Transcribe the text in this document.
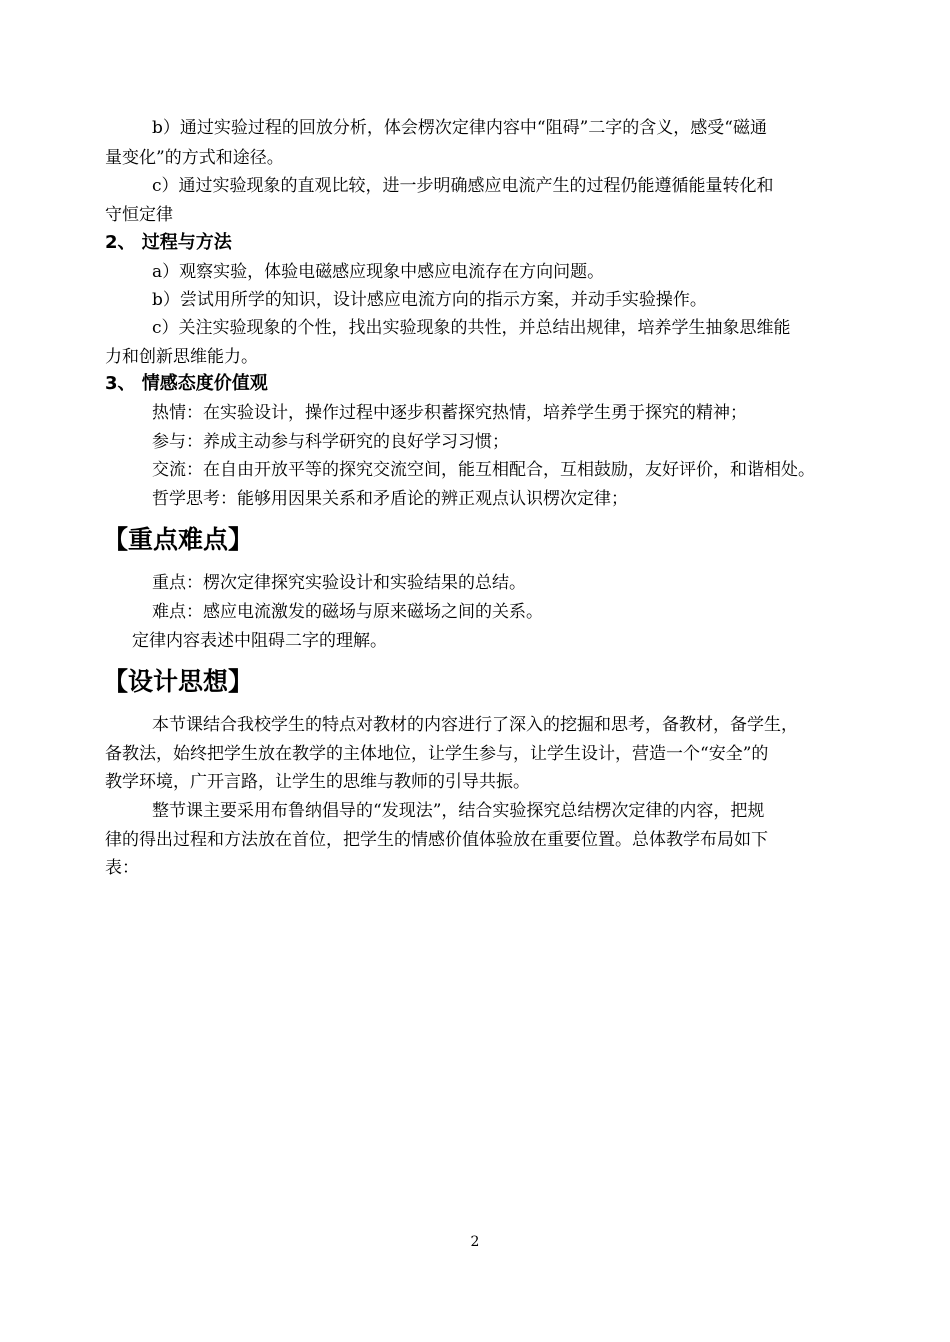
b）通过实验过程的回放分析，体会楞次定律内容中“阻碍”二字的含义，感受“磁通
量变化”的方式和途径。
c）通过实验现象的直观比较，进一步明确感应电流产生的过程仍能遵循能量转化和
守恒定律
2、 过程与方法
a）观察实验，体验电磁感应现象中感应电流存在方向问题。
b）尝试用所学的知识，设计感应电流方向的指示方案，并动手实验操作。
c）关注实验现象的个性，找出实验现象的共性，并总结出规律，培养学生抽象思维能
力和创新思维能力。
3、 情感态度价值观
热情：在实验设计，操作过程中逐步积蓄探究热情，培养学生勇于探究的精神；
参与：养成主动参与科学研究的良好学习习惯；
交流：在自由开放平等的探究交流空间，能互相配合，互相鼓励，友好评价，和谐相处。
哲学思考：能够用因果关系和矛盾论的辨正观点认识楞次定律；
【重点难点】
重点：楞次定律探究实验设计和实验结果的总结。
难点：感应电流激发的磁场与原来磁场之间的关系。
定律内容表述中阻碍二字的理解。
【设计思想】
本节课结合我校学生的特点对教材的内容进行了深入的挖掘和思考，备教材，备学生，
备教法，始终把学生放在教学的主体地位，让学生参与，让学生设计，营造一个“安全”的
教学环境，广开言路，让学生的思维与教师的引导共振。
整节课主要采用布鲁纳倡导的“发现法”，结合实验探究总结楞次定律的内容，把规
律的得出过程和方法放在首位，把学生的情感价值体验放在重要位置。总体教学布局如下
表：
2
